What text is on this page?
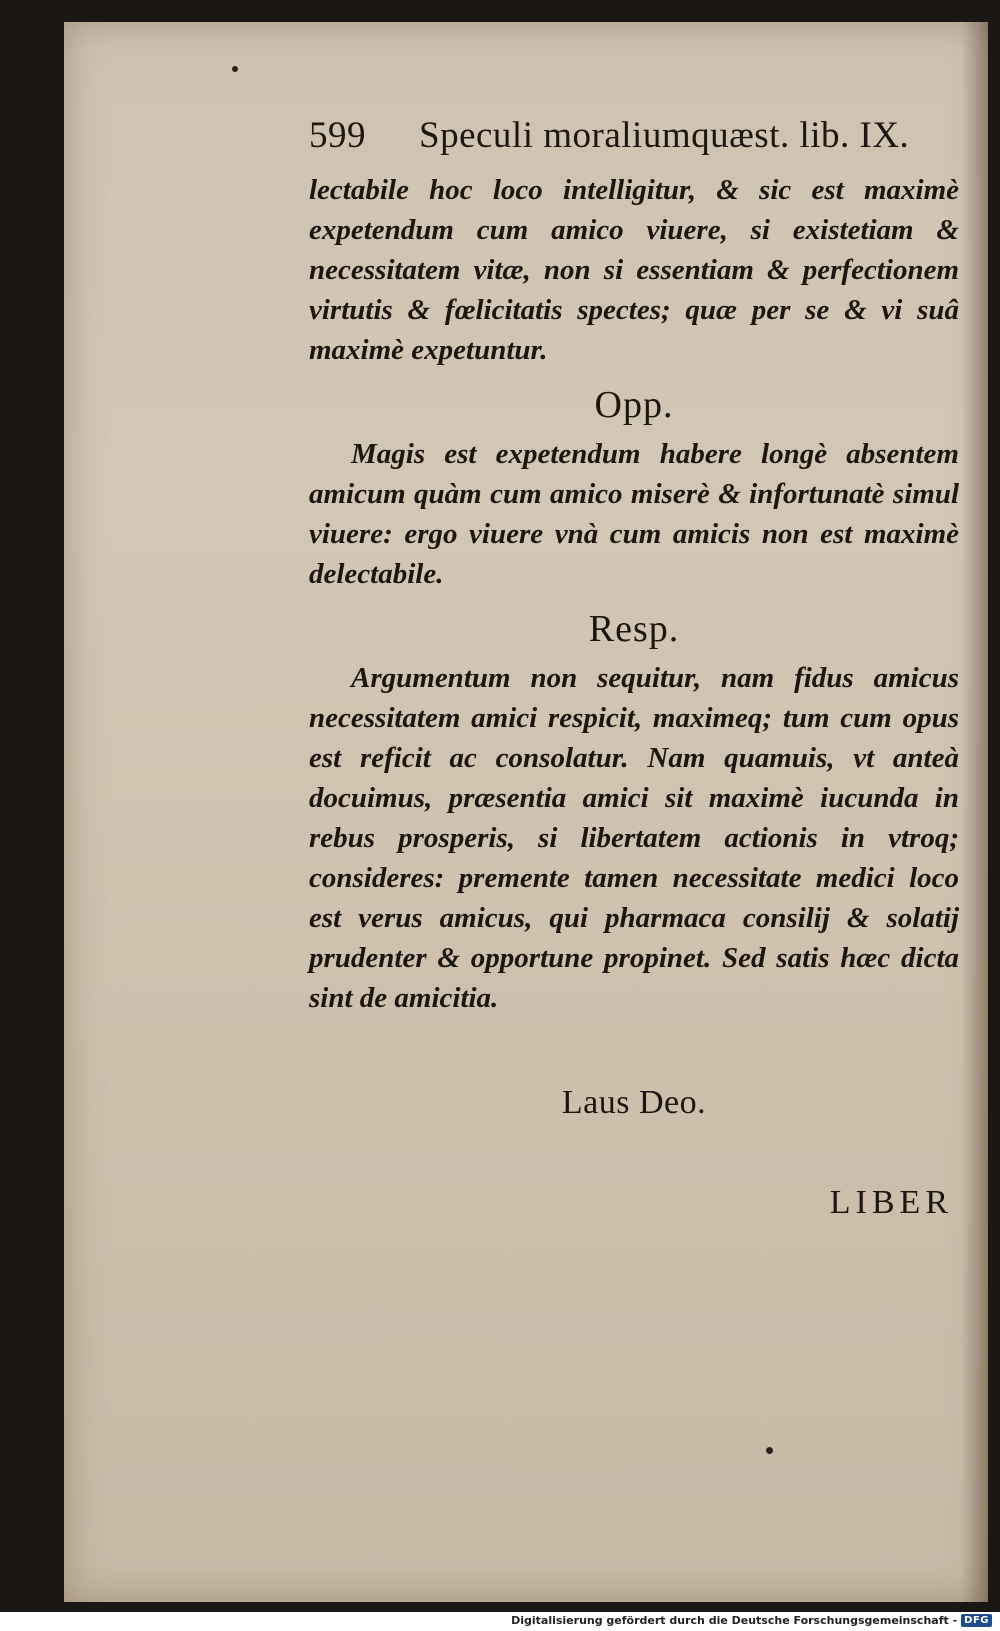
599	Speculi moraliumquæst. lib. IX.

lectabile hoc loco intelligitur, & sic est maximè expetendum cum amico viuere, si existetiam & necessitatem vitæ, non si essentiam & perfectionem virtutis & fœlicitatis spectes; quæ per se & vi suâ maximè expetuntur.

Opp.

Magis est expetendum habere longè absentem amicum quàm cum amico miserè & infortunatè simul viuere: ergo viuere vnà cum amicis non est maximè delectabile.

Resp.

Argumentum non sequitur, nam fidus amicus necessitatem amici respicit, maximeq; tum cum opus est reficit ac consolatur. Nam quamuis, vt anteà docuimus, præsentia amici sit maximè iucunda in rebus prosperis, si libertatem actionis in vtroq; consideres: premente tamen necessitate medici loco est verus amicus, qui pharmaca consilij & solatij prudenter & opportune propinet. Sed satis hæc dicta sint de amicitia.

Laus Deo.
LIBER
Digitalisierung gefördert durch die Deutsche Forschungsgemeinschaft - DFG
